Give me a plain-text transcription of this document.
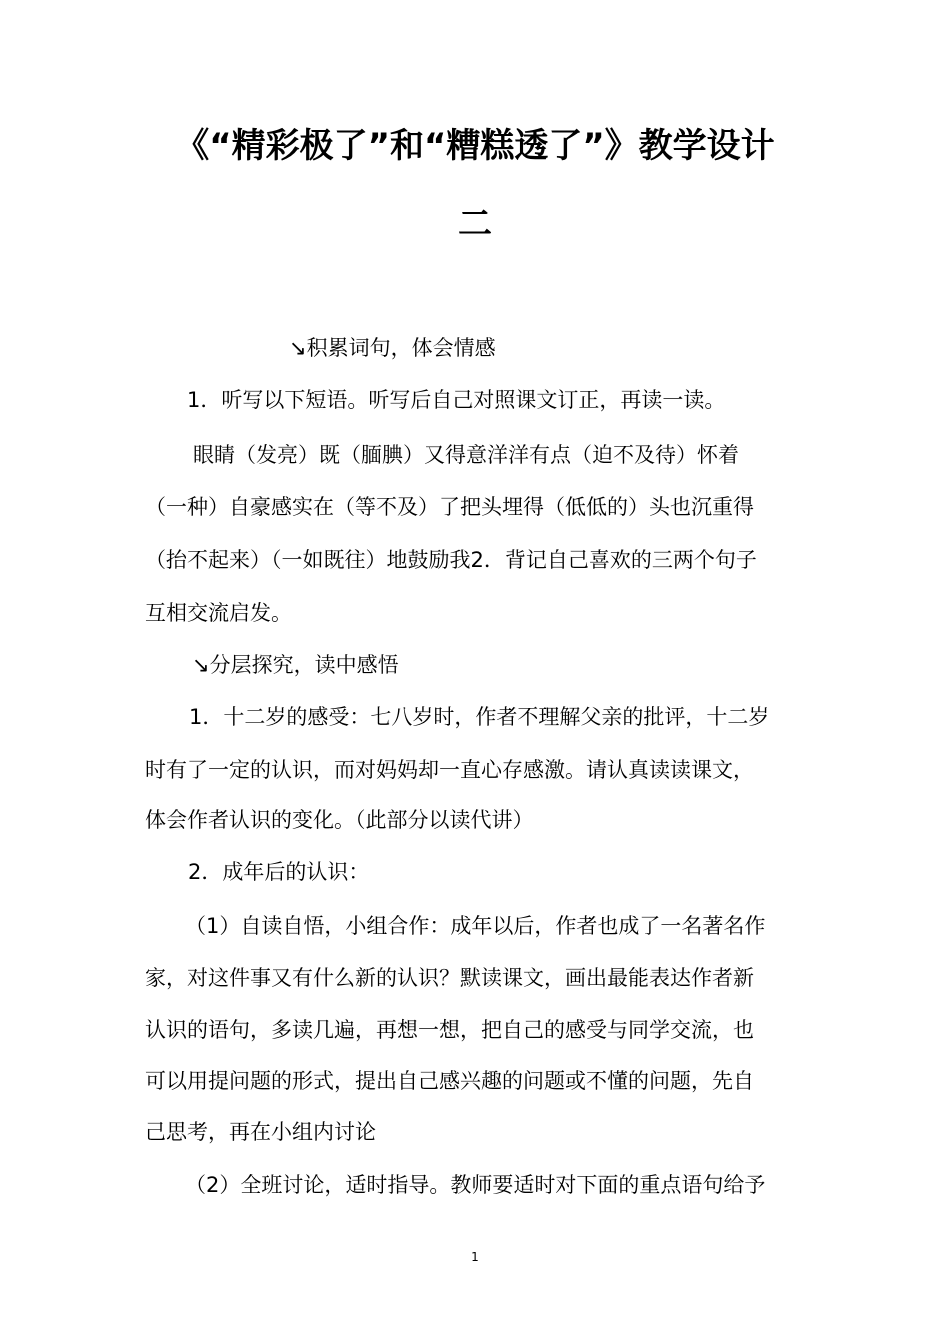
《“精彩极了”和“糟糕透了”》教学设计
二
↘积累词句，体会情感
1．听写以下短语。听写后自己对照课文订正，再读一读。
眼睛（发亮）既（腼腆）又得意洋洋有点（迫不及待）怀着
（一种）自豪感实在（等不及）了把头埋得（低低的）头也沉重得
（抬不起来）（一如既往）地鼓励我2．背记自己喜欢的三两个句子
互相交流启发。
↘分层探究，读中感悟
1．十二岁的感受：七八岁时，作者不理解父亲的批评，十二岁
时有了一定的认识，而对妈妈却一直心存感激。请认真读读课文，
体会作者认识的变化。（此部分以读代讲）
2．成年后的认识：
（1）自读自悟，小组合作：成年以后，作者也成了一名著名作
家，对这件事又有什么新的认识？默读课文，画出最能表达作者新
认识的语句，多读几遍，再想一想，把自己的感受与同学交流，也
可以用提问题的形式，提出自己感兴趣的问题或不懂的问题，先自
己思考，再在小组内讨论
（2）全班讨论，适时指导。教师要适时对下面的重点语句给予
1
